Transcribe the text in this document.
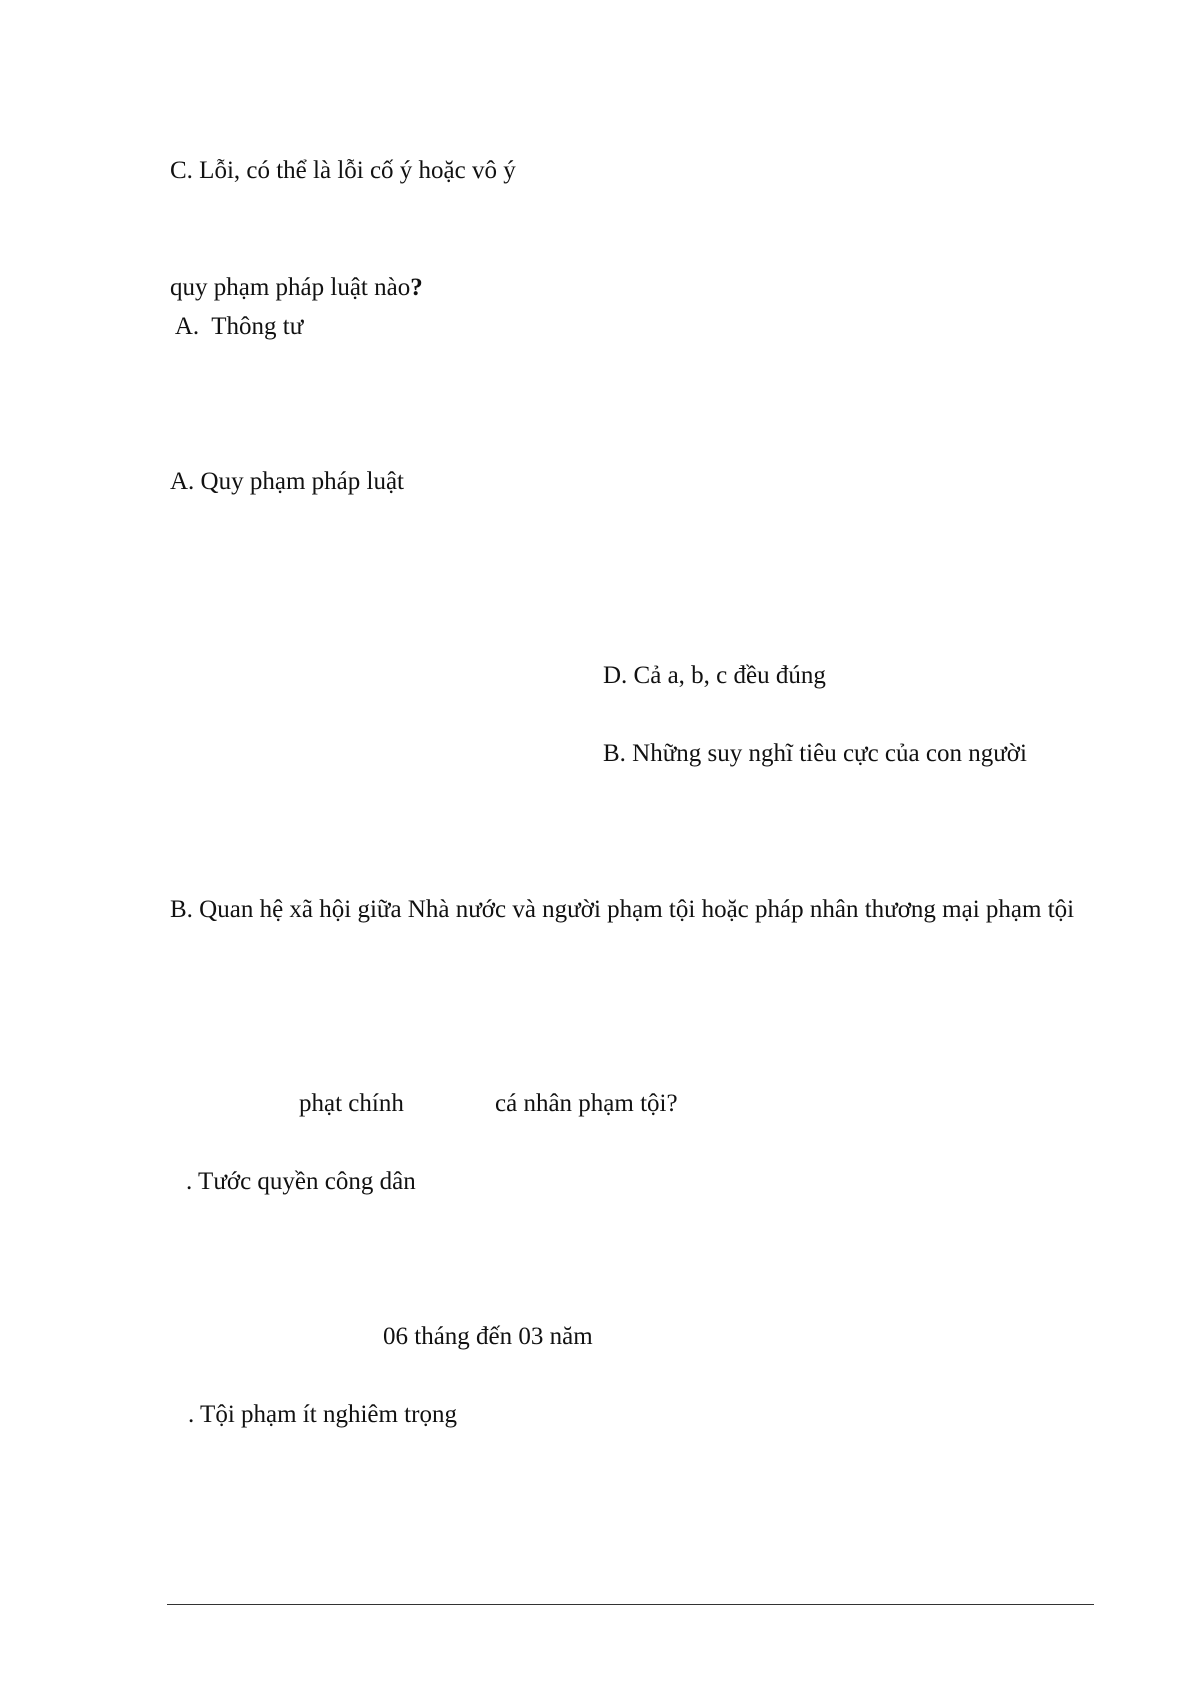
C. Lỗi, có thể là lỗi cố ý hoặc vô ý

quy phạm pháp luật nào?

A.  Thông tư

A. Quy phạm pháp luật

D. Cả a, b, c đều đúng

B. Những suy nghĩ tiêu cực của con người

B. Quan hệ xã hội giữa Nhà nước và người phạm tội hoặc pháp nhân thương mại phạm tội

phạt chính	cá nhân phạm tội?

. Tước quyền công dân

06 tháng đến 03 năm

. Tội phạm ít nghiêm trọng
